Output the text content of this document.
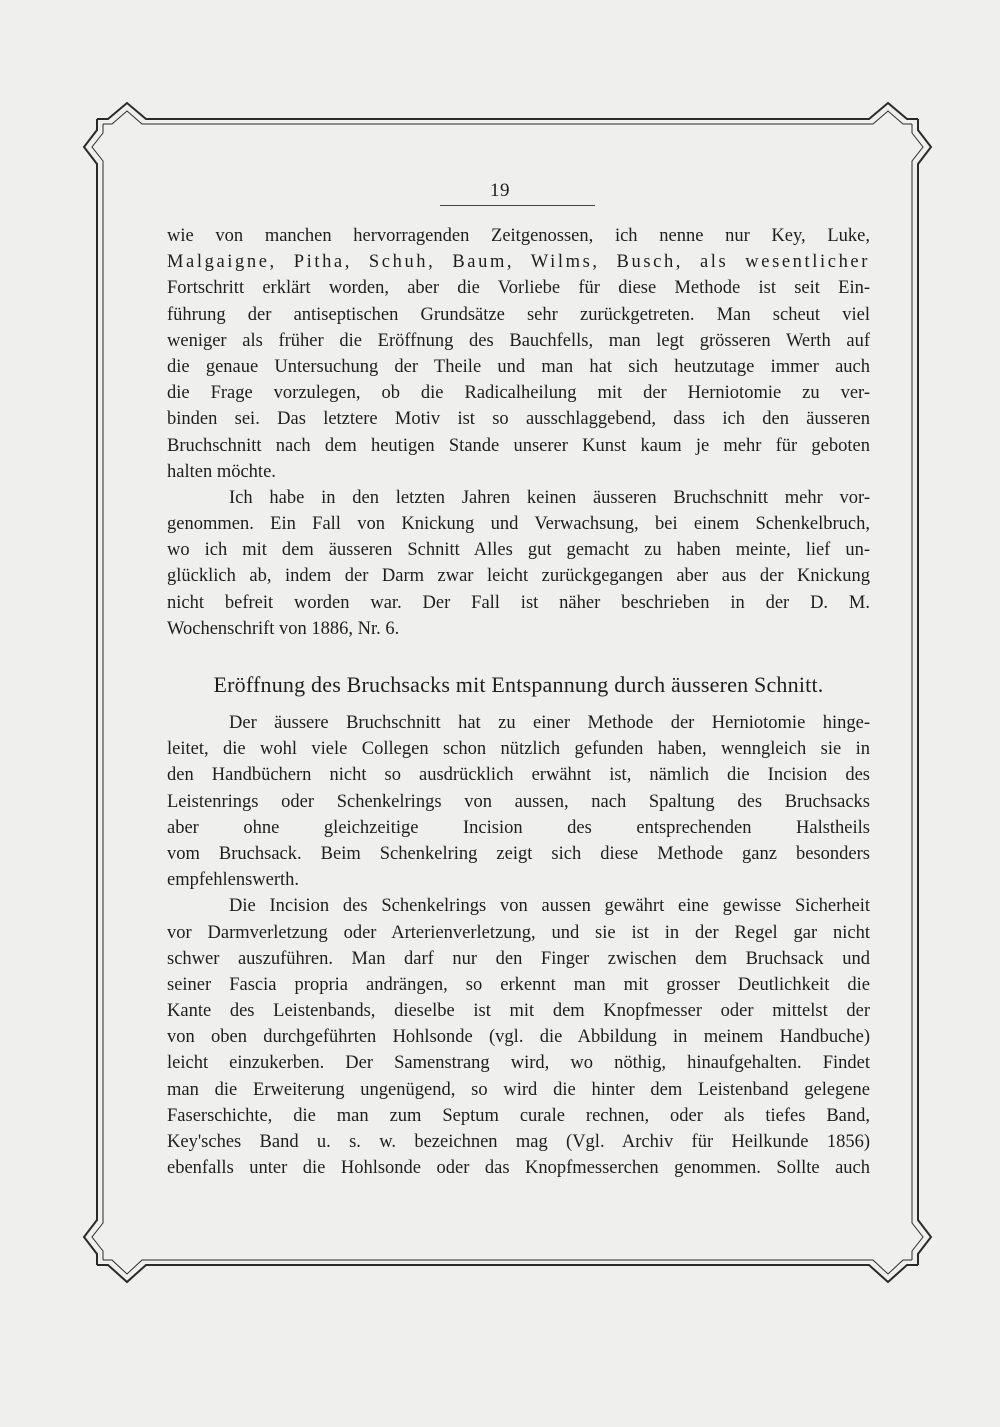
19
wie von manchen hervorragenden Zeitgenossen, ich nenne nur Key, Luke,
Malgaigne, Pitha, Schuh, Baum, Wilms, Busch, als wesentlicher
Fortschritt erklärt worden, aber die Vorliebe für diese Methode ist seit Ein-
führung der antiseptischen Grundsätze sehr zurückgetreten. Man scheut viel
weniger als früher die Eröffnung des Bauchfells, man legt grösseren Werth auf
die genaue Untersuchung der Theile und man hat sich heutzutage immer auch
die Frage vorzulegen, ob die Radicalheilung mit der Herniotomie zu ver-
binden sei. Das letztere Motiv ist so ausschlaggebend, dass ich den äusseren
Bruchschnitt nach dem heutigen Stande unserer Kunst kaum je mehr für geboten
halten möchte.
Ich habe in den letzten Jahren keinen äusseren Bruchschnitt mehr vor-
genommen. Ein Fall von Knickung und Verwachsung, bei einem Schenkelbruch,
wo ich mit dem äusseren Schnitt Alles gut gemacht zu haben meinte, lief un-
glücklich ab, indem der Darm zwar leicht zurückgegangen aber aus der Knickung
nicht befreit worden war. Der Fall ist näher beschrieben in der D. M.
Wochenschrift von 1886, Nr. 6.
Eröffnung des Bruchsacks mit Entspannung durch äusseren Schnitt.
Der äussere Bruchschnitt hat zu einer Methode der Herniotomie hinge-
leitet, die wohl viele Collegen schon nützlich gefunden haben, wenngleich sie in
den Handbüchern nicht so ausdrücklich erwähnt ist, nämlich die Incision des
Leistenrings oder Schenkelrings von aussen, nach Spaltung des Bruchsacks
aber ohne gleichzeitige Incision des entsprechenden Halstheils
vom Bruchsack. Beim Schenkelring zeigt sich diese Methode ganz besonders
empfehlenswerth.
Die Incision des Schenkelrings von aussen gewährt eine gewisse Sicherheit
vor Darmverletzung oder Arterienverletzung, und sie ist in der Regel gar nicht
schwer auszuführen. Man darf nur den Finger zwischen dem Bruchsack und
seiner Fascia propria andrängen, so erkennt man mit grosser Deutlichkeit die
Kante des Leistenbands, dieselbe ist mit dem Knopfmesser oder mittelst der
von oben durchgeführten Hohlsonde (vgl. die Abbildung in meinem Handbuche)
leicht einzukerben. Der Samenstrang wird, wo nöthig, hinaufgehalten. Findet
man die Erweiterung ungenügend, so wird die hinter dem Leistenband gelegene
Faserschichte, die man zum Septum curale rechnen, oder als tiefes Band,
Key'sches Band u. s. w. bezeichnen mag (Vgl. Archiv für Heilkunde 1856)
ebenfalls unter die Hohlsonde oder das Knopfmesserchen genommen. Sollte auch
